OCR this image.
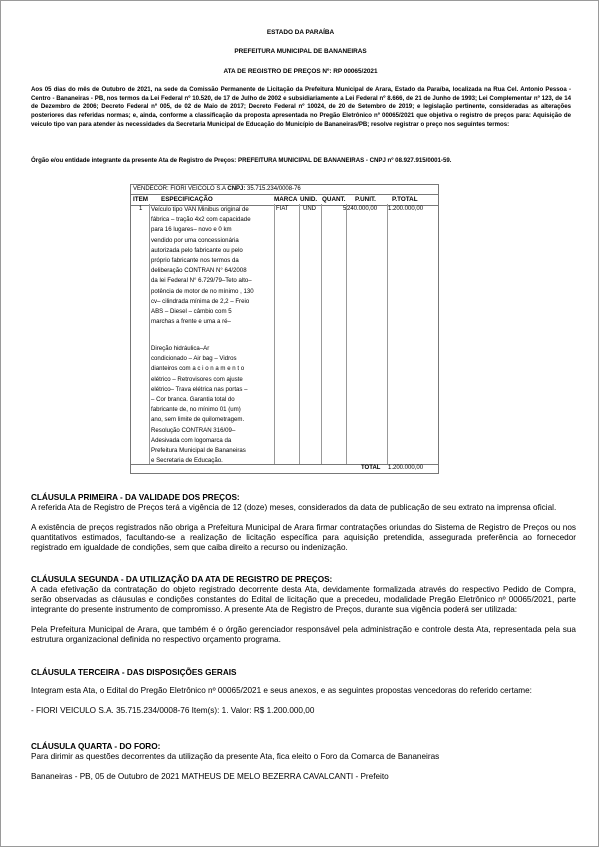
ESTADO DA PARAÍBA
PREFEITURA MUNICIPAL DE BANANEIRAS
ATA DE REGISTRO DE PREÇOS Nº: RP 00065/2021
Aos 05 dias do mês de Outubro de 2021, na sede da Comissão Permanente de Licitação da Prefeitura Municipal de Arara, Estado da Paraíba, localizada na Rua Cel. Antonio Pessoa - Centro - Bananeiras - PB, nos termos da Lei Federal nº 10.520, de 17 de Julho de 2002 e subsidiariamente a Lei Federal nº 8.666, de 21 de Junho de 1993; Lei Complementar nº 123, de 14 de Dezembro de 2006; Decreto Federal nº 005, de 02 de Maio de 2017; Decreto Federal nº 10024, de 20 de Setembro de 2019; e legislação pertinente, consideradas as alterações posteriores das referidas normas; e, ainda, conforme a classificação da proposta apresentada no Pregão Eletrônico nº 00065/2021 que objetiva o registro de preços para: Aquisição de veiculo tipo van para atender às necessidades da Secretaria Municipal de Educação do Município de Bananeiras/PB; resolve registrar o preço nos seguintes termos:
Órgão e/ou entidade integrante da presente Ata de Registro de Preços: PREFEITURA MUNICIPAL DE BANANEIRAS - CNPJ nº 08.927.915/0001-59.
VENDECOR: FIORI VEICOLO S.A CNPJ: 35.715.234/0008-76
ITEM ESPECIFICAÇÃO	MARCA UNID. QUANT. P.UNIT.	P.TOTAL
1 Veículo tipo VAN Minibus original de
fábrica – tração 4x2 com capacidade
para 16 lugares– novo e 0 km
vendido por uma concessionária
autorizada pelo fabricante ou pelo
próprio fabricante nos termos da
deliberação CONTRAN N° 64/2008
da lei Federal N° 6.729/79–Teto alto–
potência de motor de no mínimo , 130
cv– cilindrada mínima de 2,2 – Freio
ABS – Diesel – câmbio com 5
marchas a frente e uma a ré–
Direção hidráulica–Ar
condicionado – Air bag – Vidros
dianteiros com a c i o n a m e n t o
elétrico – Retrovisores com ajuste
elétrico– Trava elétrica nas portas –
– Cor branca. Garantia total do
fabricante de, no mínimo 01 (um)
ano, sem limite de quilometragem.
Resolução CONTRAN 316/09–
Adesivada com logomarca da
Prefeitura Municipal de Bananeiras
e Secretaria de Educação.
FIAT UND	5 240.000,00 1.200.000,00
TOTAL 1.200.000,00
CLÁUSULA PRIMEIRA - DA VALIDADE DOS PREÇOS:
A referida Ata de Registro de Preços terá a vigência de 12 (doze) meses, considerados da data de publicação de seu extrato na imprensa oficial.
A existência de preços registrados não obriga a Prefeitura Municipal de Arara firmar contratações oriundas do Sistema de Registro de Preços ou nos quantitativos estimados, facultando-se a realização de licitação específica para aquisição pretendida, assegurada preferência ao fornecedor registrado em igualdade de condições, sem que caiba direito a recurso ou indenização.
CLÁUSULA SEGUNDA - DA UTILIZAÇÃO DA ATA DE REGISTRO DE PREÇOS:
A cada efetivação da contratação do objeto registrado decorrente desta Ata, devidamente formalizada através do respectivo Pedido de Compra, serão observadas as cláusulas e condições constantes do Edital de licitação que a precedeu, modalidade Pregão Eletrônico nº 00065/2021, parte integrante do presente instrumento de compromisso. A presente Ata de Registro de Preços, durante sua vigência poderá ser utilizada:
Pela Prefeitura Municipal de Arara, que também é o órgão gerenciador responsável pela administração e controle desta Ata, representada pela sua estrutura organizacional definida no respectivo orçamento programa.
CLÁUSULA TERCEIRA - DAS DISPOSIÇÕES GERAIS
Integram esta Ata, o Edital do Pregão Eletrônico nº 00065/2021 e seus anexos, e as seguintes propostas vencedoras do referido certame:
- FIORI VEICULO S.A. 35.715.234/0008-76 Item(s): 1. Valor: R$ 1.200.000,00
CLÁUSULA QUARTA - DO FORO:
Para dirimir as questões decorrentes da utilização da presente Ata, fica eleito o Foro da Comarca de Bananeiras
Bananeiras - PB, 05 de Outubro de 2021 MATHEUS DE MELO BEZERRA CAVALCANTI - Prefeito
